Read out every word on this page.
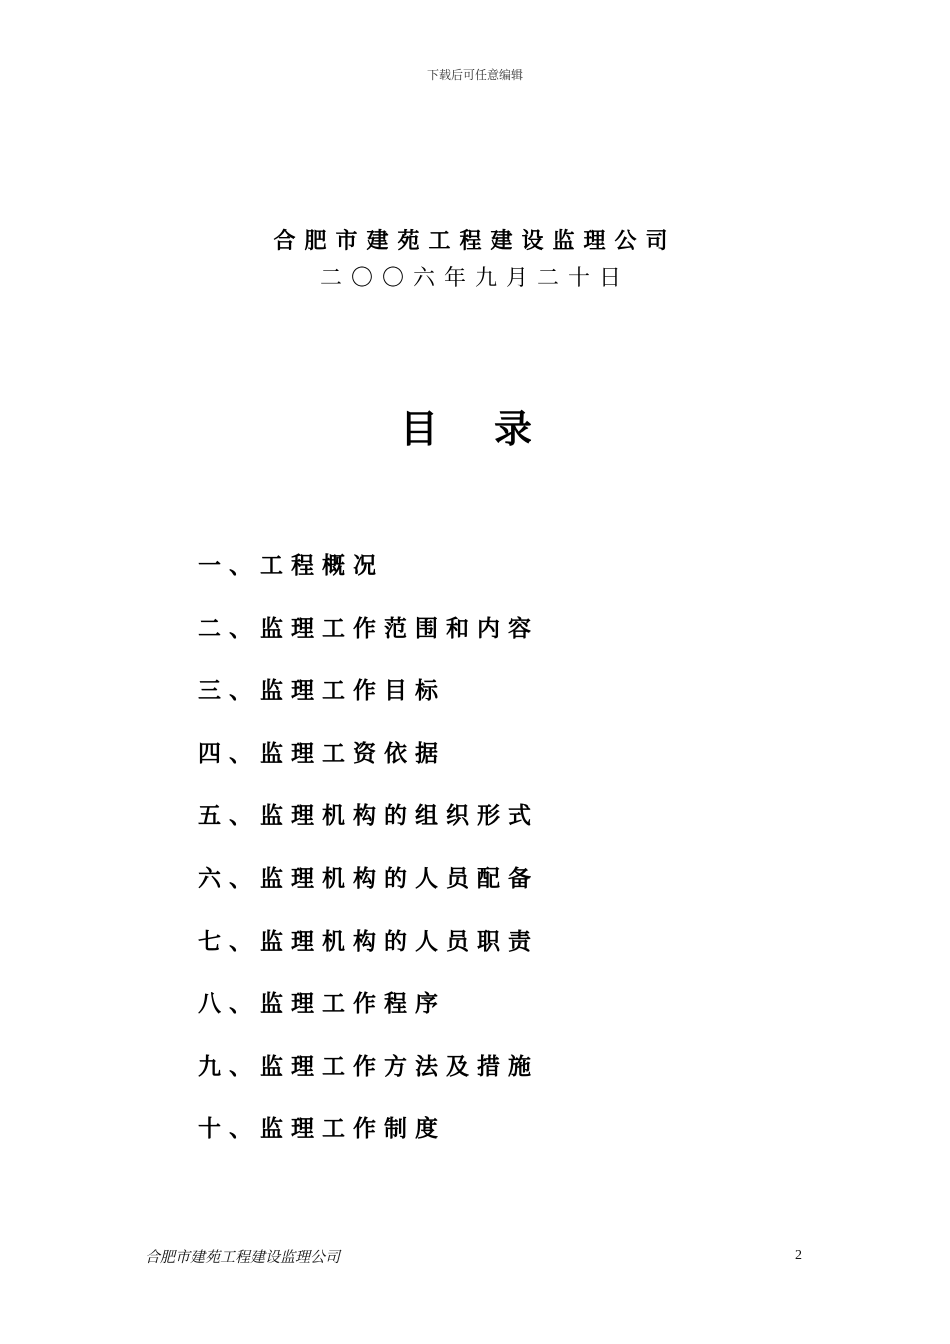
下载后可任意编辑
合肥市建苑工程建设监理公司
二〇〇六年九月二十日
目录
一、工程概况
二、监理工作范围和内容
三、监理工作目标
四、监理工资依据
五、监理机构的组织形式
六、监理机构的人员配备
七、监理机构的人员职责
八、监理工作程序
九、监理工作方法及措施
十、监理工作制度
合肥市建苑工程建设监理公司	2
